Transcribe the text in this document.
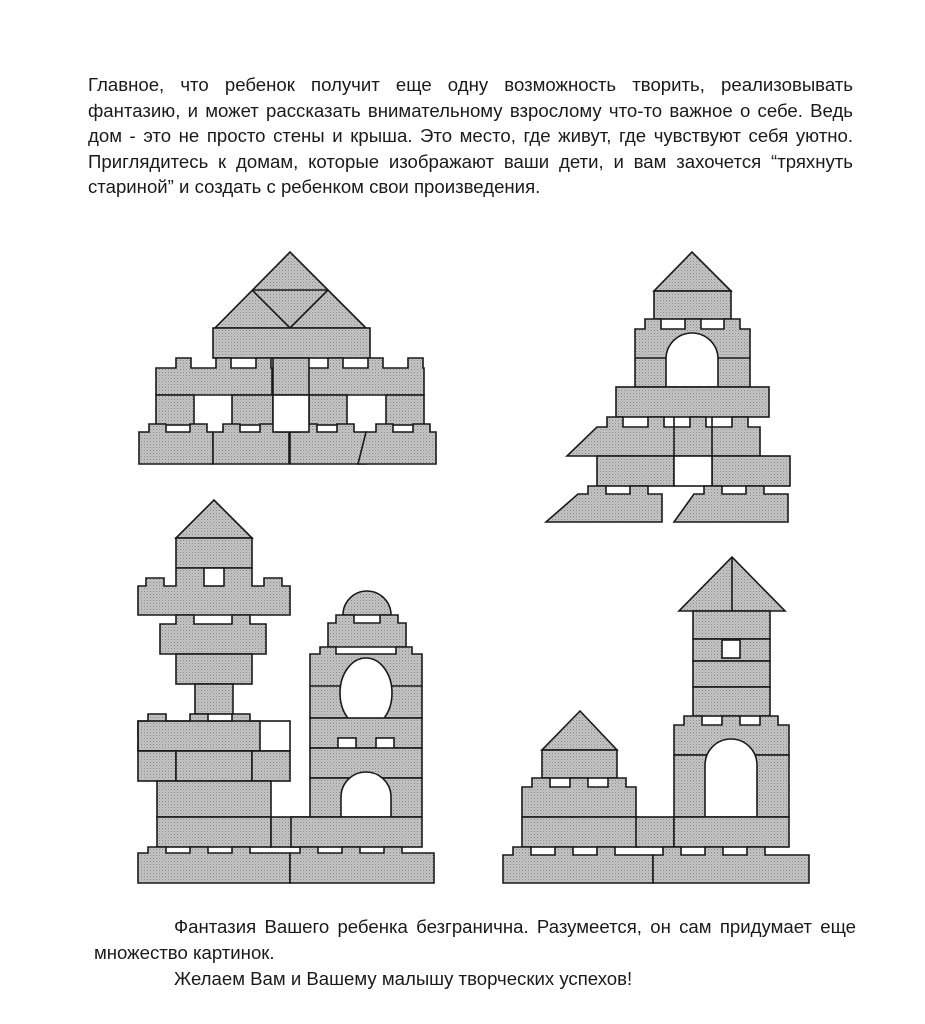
Главное, что ребенок получит еще одну возможность творить, реализовывать фантазию, и может рассказать внимательному взрослому что-то важное о себе. Ведь дом - это не просто стены и крыша. Это место, где живут, где чувствуют себя уютно. Приглядитесь к домам, которые изображают ваши дети, и вам захочется “тряхнуть стариной” и создать с ребенком свои произведения.

Фантазия Вашего ребенка безгранична. Разумеется, он сам придумает еще множество картинок.

Желаем Вам и Вашему малышу творческих успехов!
